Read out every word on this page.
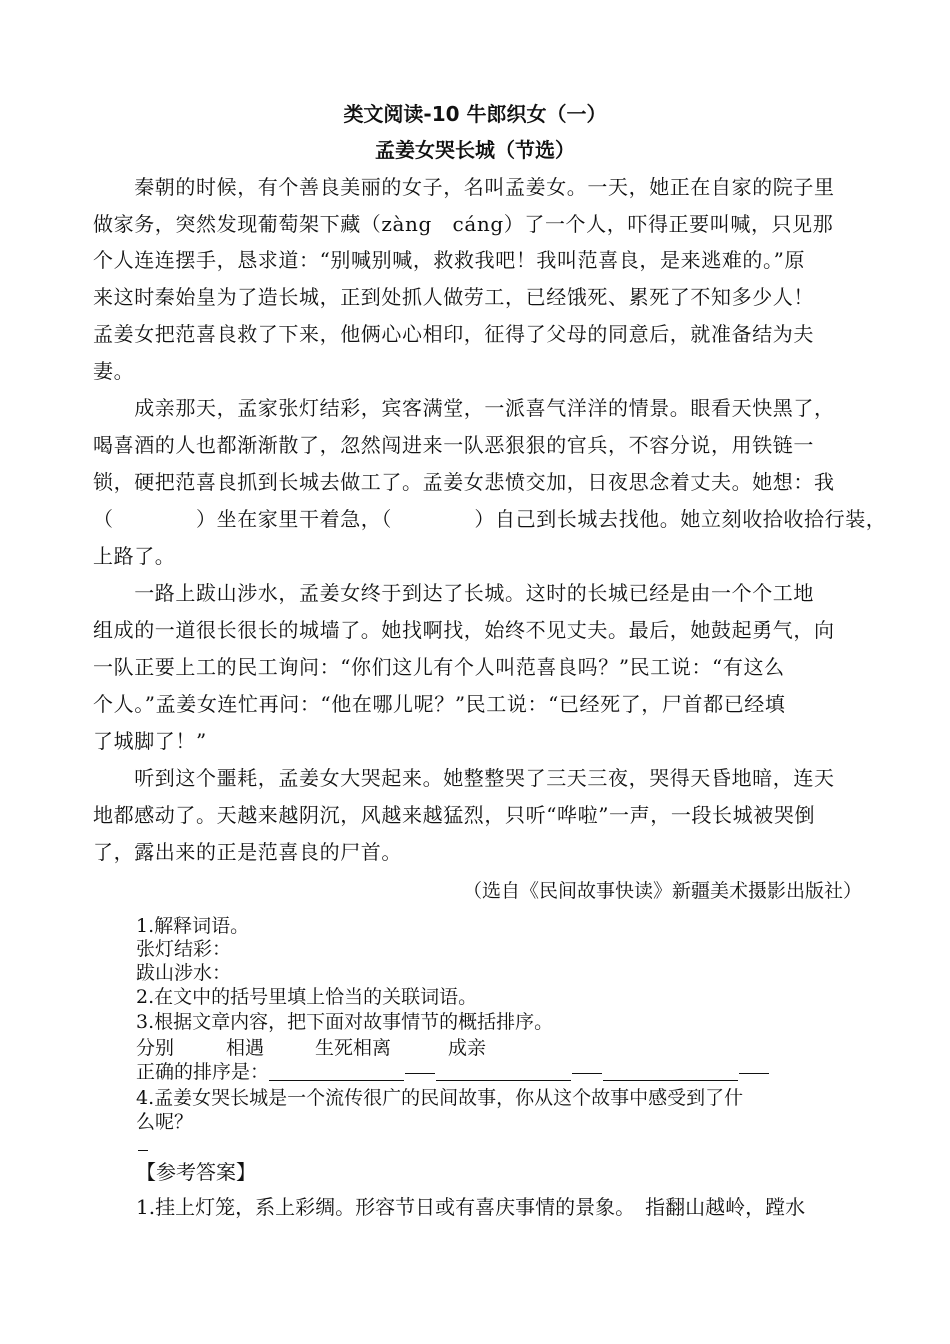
类文阅读-10 牛郎织女（一）
孟姜女哭长城（节选）
　　秦朝的时候，有个善良美丽的女子，名叫孟姜女。一天，她正在自家的院子里
做家务，突然发现葡萄架下藏（zàng　cáng）了一个人，吓得正要叫喊，只见那
个人连连摆手，恳求道：“别喊别喊，救救我吧！我叫范喜良，是来逃难的。”原
来这时秦始皇为了造长城，正到处抓人做劳工，已经饿死、累死了不知多少人！
孟姜女把范喜良救了下来，他俩心心相印，征得了父母的同意后，就准备结为夫
妻。
　　成亲那天，孟家张灯结彩，宾客满堂，一派喜气洋洋的情景。眼看天快黑了，
喝喜酒的人也都渐渐散了，忽然闯进来一队恶狠狠的官兵，不容分说，用铁链一
锁，硬把范喜良抓到长城去做工了。孟姜女悲愤交加，日夜思念着丈夫。她想：我
（　　　　）坐在家里干着急，（　　　　）自己到长城去找他。她立刻收拾收拾行装，
上路了。
　　一路上跋山涉水，孟姜女终于到达了长城。这时的长城已经是由一个个工地
组成的一道很长很长的城墙了。她找啊找，始终不见丈夫。最后，她鼓起勇气，向
一队正要上工的民工询问：“你们这儿有个人叫范喜良吗？”民工说：“有这么
个人。”孟姜女连忙再问：“他在哪儿呢？”民工说：“已经死了，尸首都已经填
了城脚了！”
　　听到这个噩耗，孟姜女大哭起来。她整整哭了三天三夜，哭得天昏地暗，连天
地都感动了。天越来越阴沉，风越来越猛烈，只听“哗啦”一声，一段长城被哭倒
了，露出来的正是范喜良的尸首。
（选自《民间故事快读》新疆美术摄影出版社）
1.解释词语。
张灯结彩：
跋山涉水：
2.在文中的括号里填上恰当的关联词语。
3.根据文章内容，把下面对故事情节的概括排序。
分别	相遇	生死相离	成亲
正确的排序是：
4.孟姜女哭长城是一个流传很广的民间故事，你从这个故事中感受到了什
么呢？
【参考答案】
1.挂上灯笼，系上彩绸。形容节日或有喜庆事情的景象。　指翻山越岭，蹚水
